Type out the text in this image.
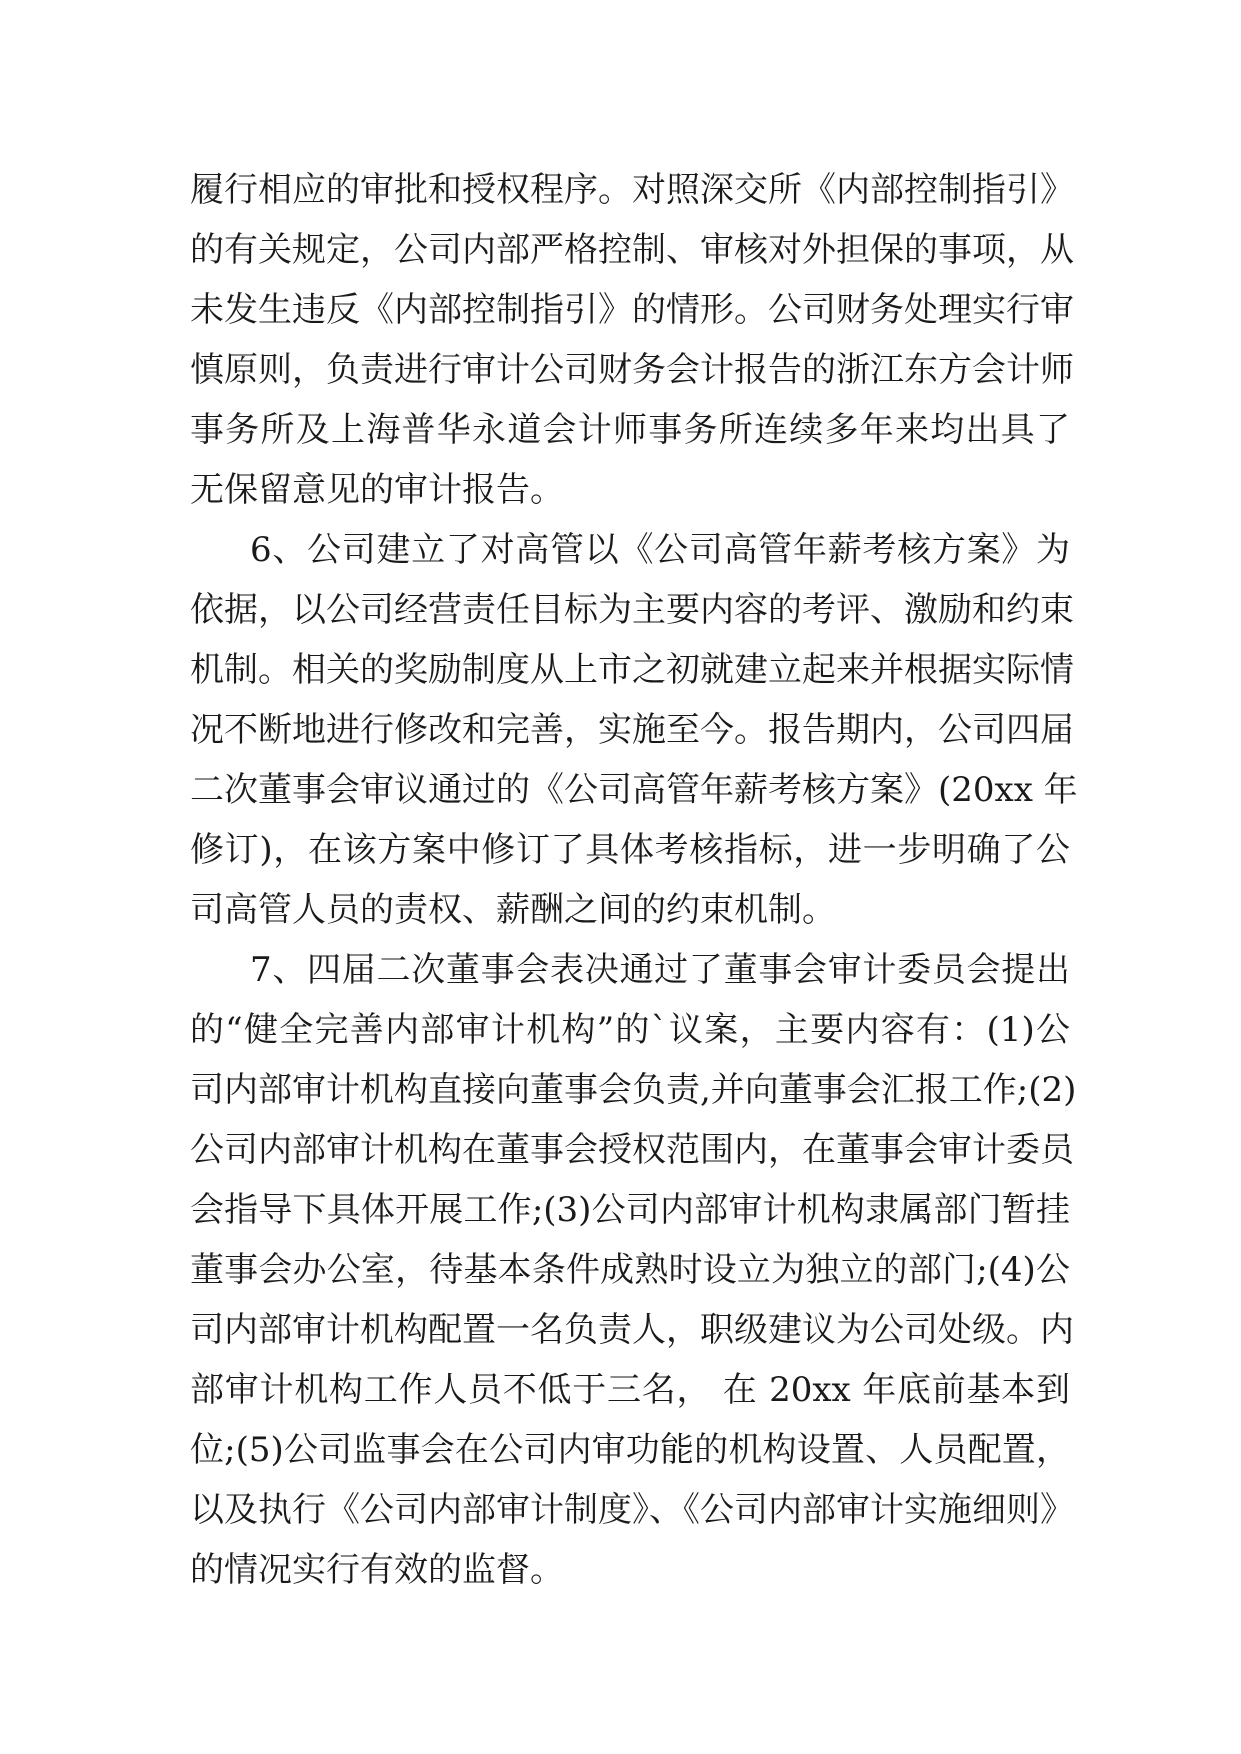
履行相应的审批和授权程序。对照深交所《内部控制指引》
的有关规定，公司内部严格控制、审核对外担保的事项，从
未发生违反《内部控制指引》的情形。公司财务处理实行审
慎原则，负责进行审计公司财务会计报告的浙江东方会计师
事务所及上海普华永道会计师事务所连续多年来均出具了
无保留意见的审计报告。
6、公司建立了对高管以《公司高管年薪考核方案》为
依据，以公司经营责任目标为主要内容的考评、激励和约束
机制。相关的奖励制度从上市之初就建立起来并根据实际情
况不断地进行修改和完善，实施至今。报告期内，公司四届
二次董事会审议通过的《公司高管年薪考核方案》(20xx 年
修订)，在该方案中修订了具体考核指标，进一步明确了公
司高管人员的责权、薪酬之间的约束机制。
7、四届二次董事会表决通过了董事会审计委员会提出
的“健全完善内部审计机构”的`议案，主要内容有：(1)公
司内部审计机构直接向董事会负责,并向董事会汇报工作;(2)
公司内部审计机构在董事会授权范围内，在董事会审计委员
会指导下具体开展工作;(3)公司内部审计机构隶属部门暂挂
董事会办公室，待基本条件成熟时设立为独立的部门;(4)公
司内部审计机构配置一名负责人，职级建议为公司处级。内
部审计机构工作人员不低于三名， 在 20xx 年底前基本到
位;(5)公司监事会在公司内审功能的机构设置、人员配置，
以及执行《公司内部审计制度》、《公司内部审计实施细则》
的情况实行有效的监督。
